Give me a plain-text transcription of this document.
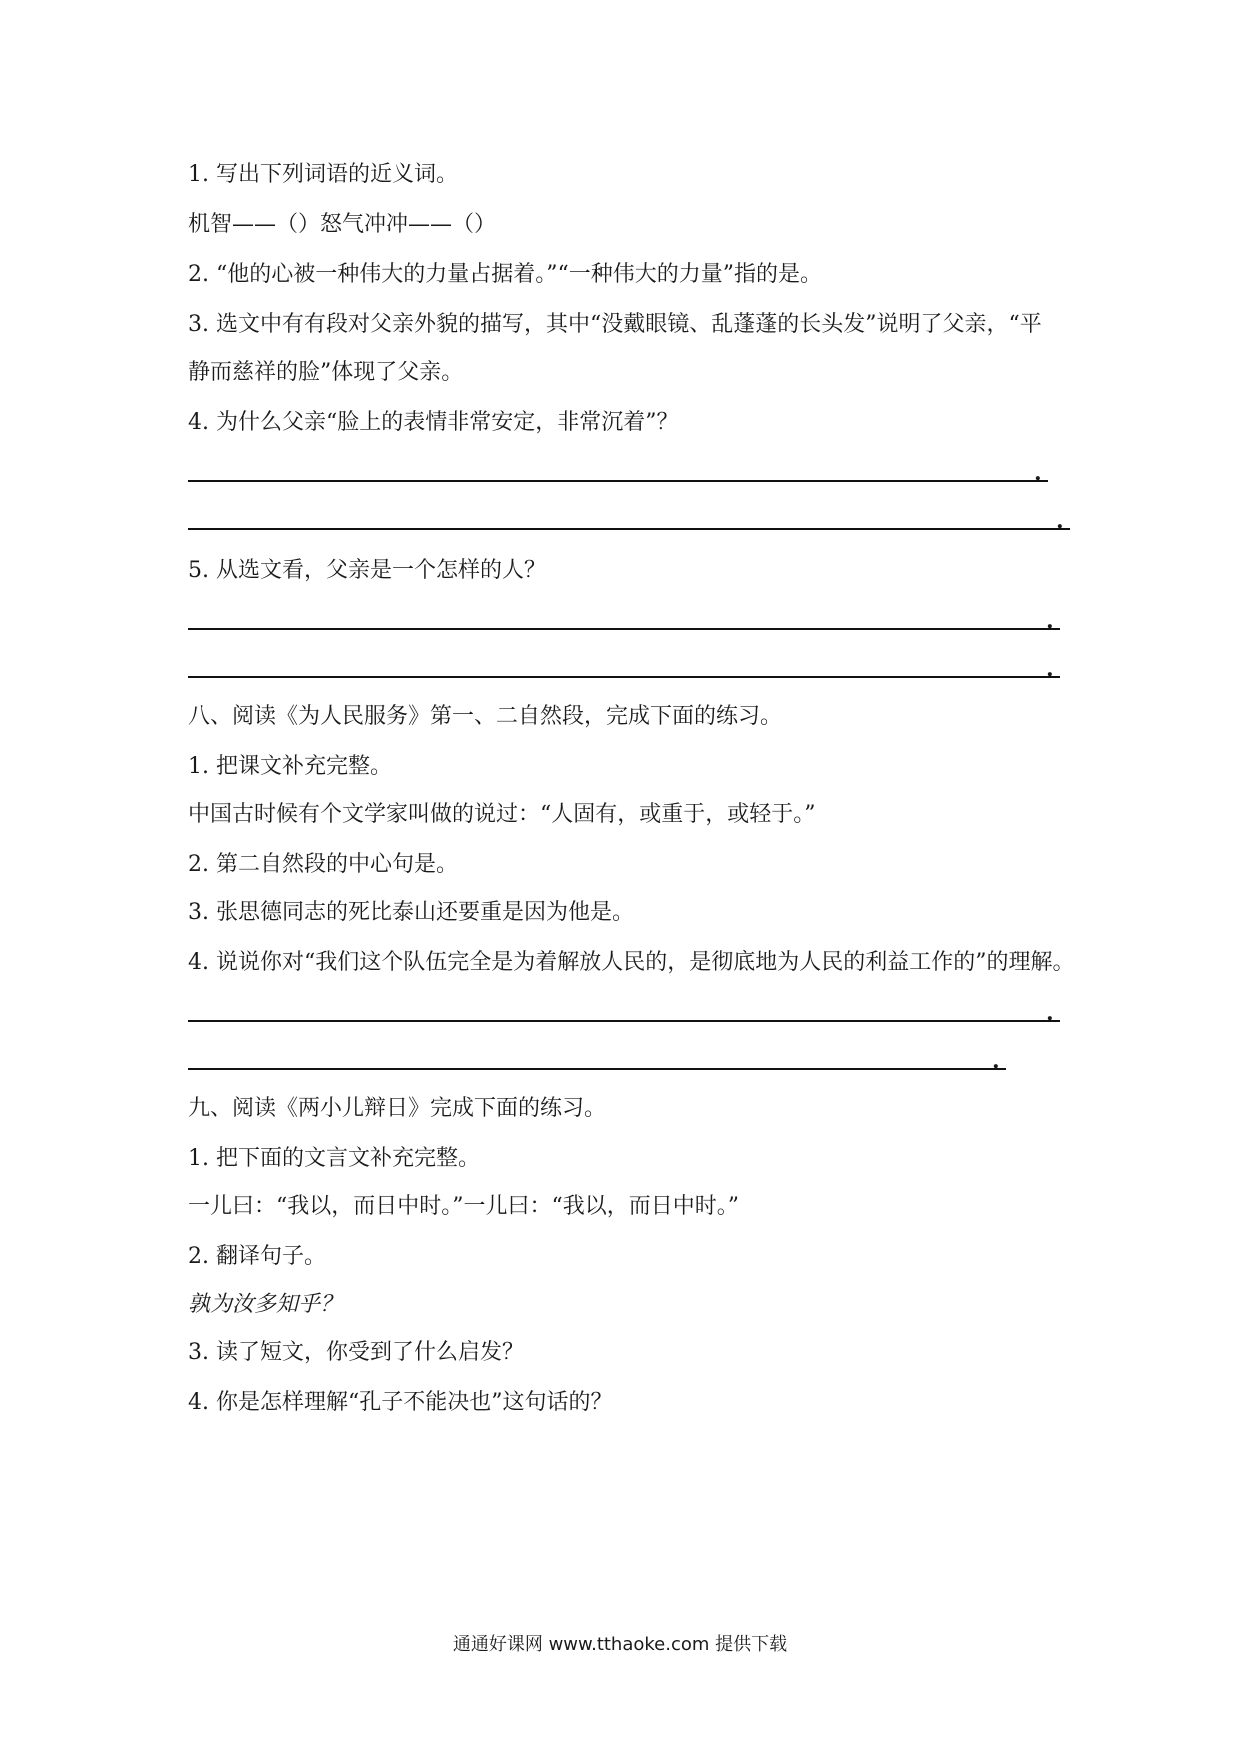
1. 写出下列词语的近义词。
机智——（）怒气冲冲——（）
2. “他的心被一种伟大的力量占据着。”“一种伟大的力量”指的是。
3. 选文中有有段对父亲外貌的描写，其中“没戴眼镜、乱蓬蓬的长头发”说明了父亲，“平
静而慈祥的脸”体现了父亲。
4. 为什么父亲“脸上的表情非常安定，非常沉着”？
.
.
5. 从选文看，父亲是一个怎样的人？
.
.
八、阅读《为人民服务》第一、二自然段，完成下面的练习。
1. 把课文补充完整。
中国古时候有个文学家叫做的说过：“人固有，或重于，或轻于。”
2. 第二自然段的中心句是。
3. 张思德同志的死比泰山还要重是因为他是。
4. 说说你对“我们这个队伍完全是为着解放人民的，是彻底地为人民的利益工作的”的理解。
.
.
九、阅读《两小儿辩日》完成下面的练习。
1. 把下面的文言文补充完整。
一儿曰：“我以，而日中时。”一儿曰：“我以，而日中时。”
2. 翻译句子。
孰为汝多知乎？
3. 读了短文，你受到了什么启发？
4. 你是怎样理解“孔子不能决也”这句话的？
通通好课网 www.tthaoke.com 提供下载
